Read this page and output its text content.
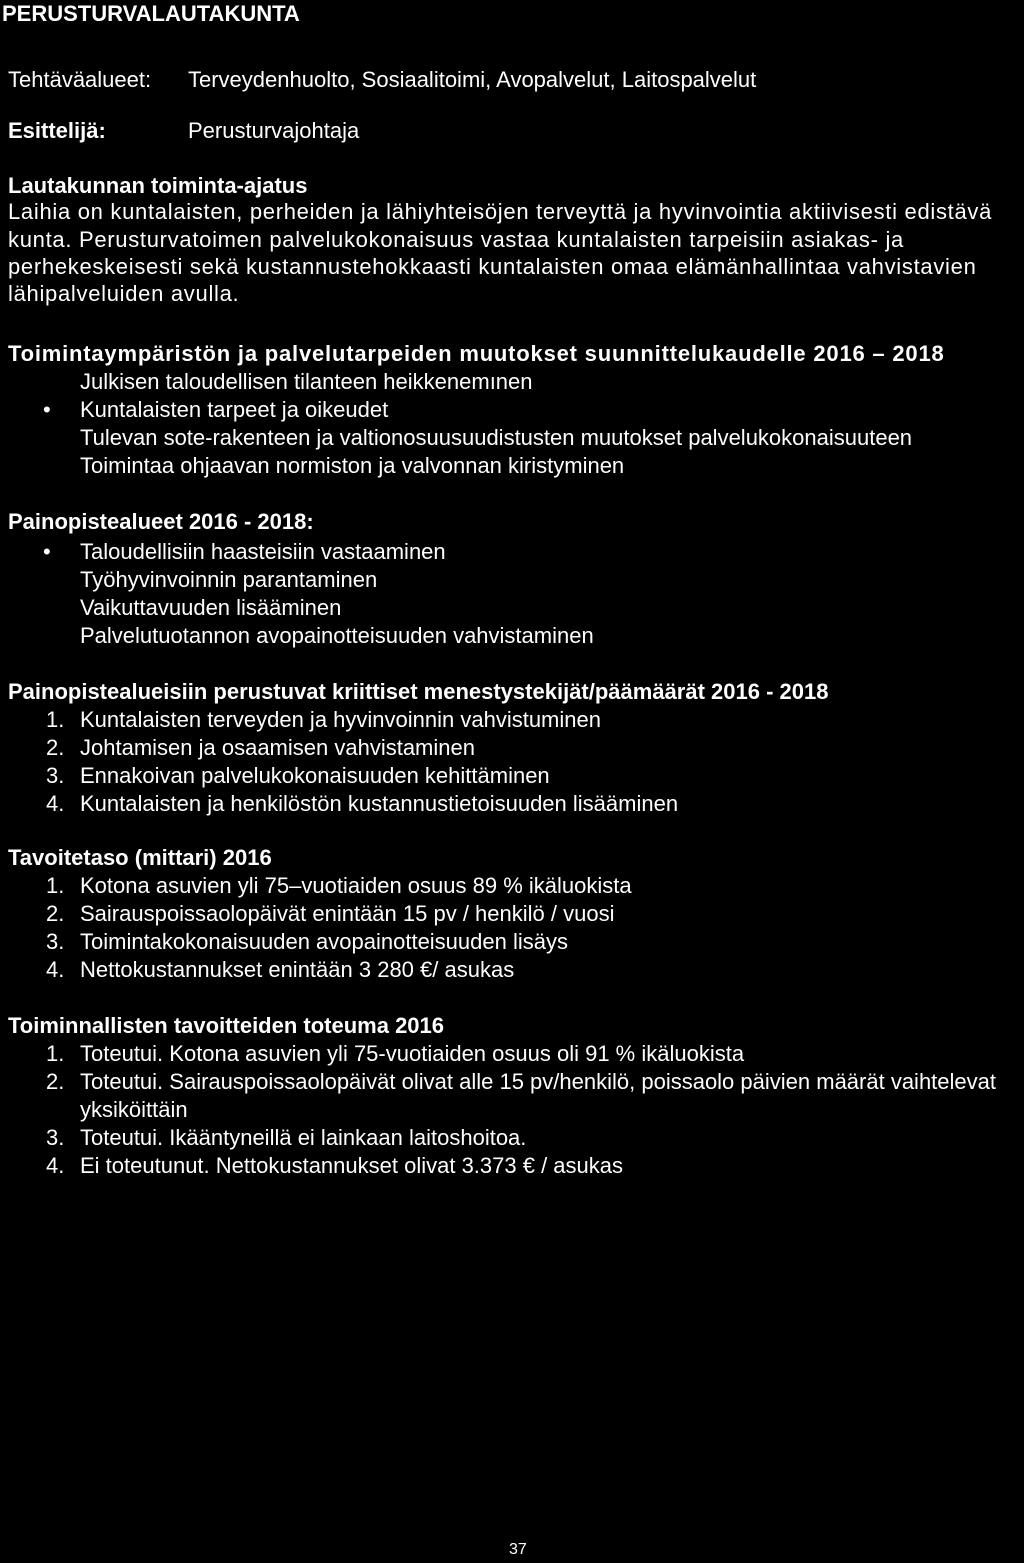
PERUSTURVALAUTAKUNTA
Tehtäväalueet: Terveydenhuolto, Sosiaalitoimi, Avopalvelut, Laitospalvelut
Esittelijä:	Perusturvajohtaja
Lautakunnan toiminta-ajatus
Laihia on kuntalaisten, perheiden ja lähiyhteisöjen terveyttä ja hyvinvointia aktiivisesti edistävä
kunta. Perusturvatoimen palvelukokonaisuus vastaa kuntalaisten tarpeisiin asiakas- ja
perhekeskeisesti sekä kustannustehokkaasti kuntalaisten omaa elämänhallintaa vahvistavien
lähipalveluiden avulla.
Toimintaympäristön ja palvelutarpeiden muutokset suunnittelukaudelle 2016 – 2018
Julkisen taloudellisen tilanteen heikkenemınen
• Kuntalaisten tarpeet ja oikeudet
Tulevan sote-rakenteen ja valtionosuusuudistusten muutokset palvelukokonaisuuteen
Toimintaa ohjaavan normiston ja valvonnan kiristyminen
Painopistealueet 2016 - 2018:
• Taloudellisiin haasteisiin vastaaminen
Työhyvinvoinnin parantaminen
Vaikuttavuuden lisääminen
Palvelutuotannon avopainotteisuuden vahvistaminen
Painopistealueisiin perustuvat kriittiset menestystekijät/päämäärät 2016 - 2018
1. Kuntalaisten terveyden ja hyvinvoinnin vahvistuminen
2. Johtamisen ja osaamisen vahvistaminen
3. Ennakoivan palvelukokonaisuuden kehittäminen
4. Kuntalaisten ja henkilöstön kustannustietoisuuden lisääminen
Tavoitetaso (mittari) 2016
1. Kotona asuvien yli 75–vuotiaiden osuus 89 % ikäluokista
2. Sairauspoissaolopäivät enintään 15 pv / henkilö / vuosi
3. Toimintakokonaisuuden avopainotteisuuden lisäys
4. Nettokustannukset enintään 3 280 €/ asukas
Toiminnallisten tavoitteiden toteuma 2016
1. Toteutui. Kotona asuvien yli 75-vuotiaiden osuus oli 91 % ikäluokista
2. Toteutui. Sairauspoissaolopäivät olivat alle 15 pv/henkilö, poissaolo päivien määrät vaihtelevat
yksiköittäin
3. Toteutui. Ikääntyneillä ei lainkaan laitoshoitoa.
4. Ei toteutunut. Nettokustannukset olivat 3.373 € / asukas
37
